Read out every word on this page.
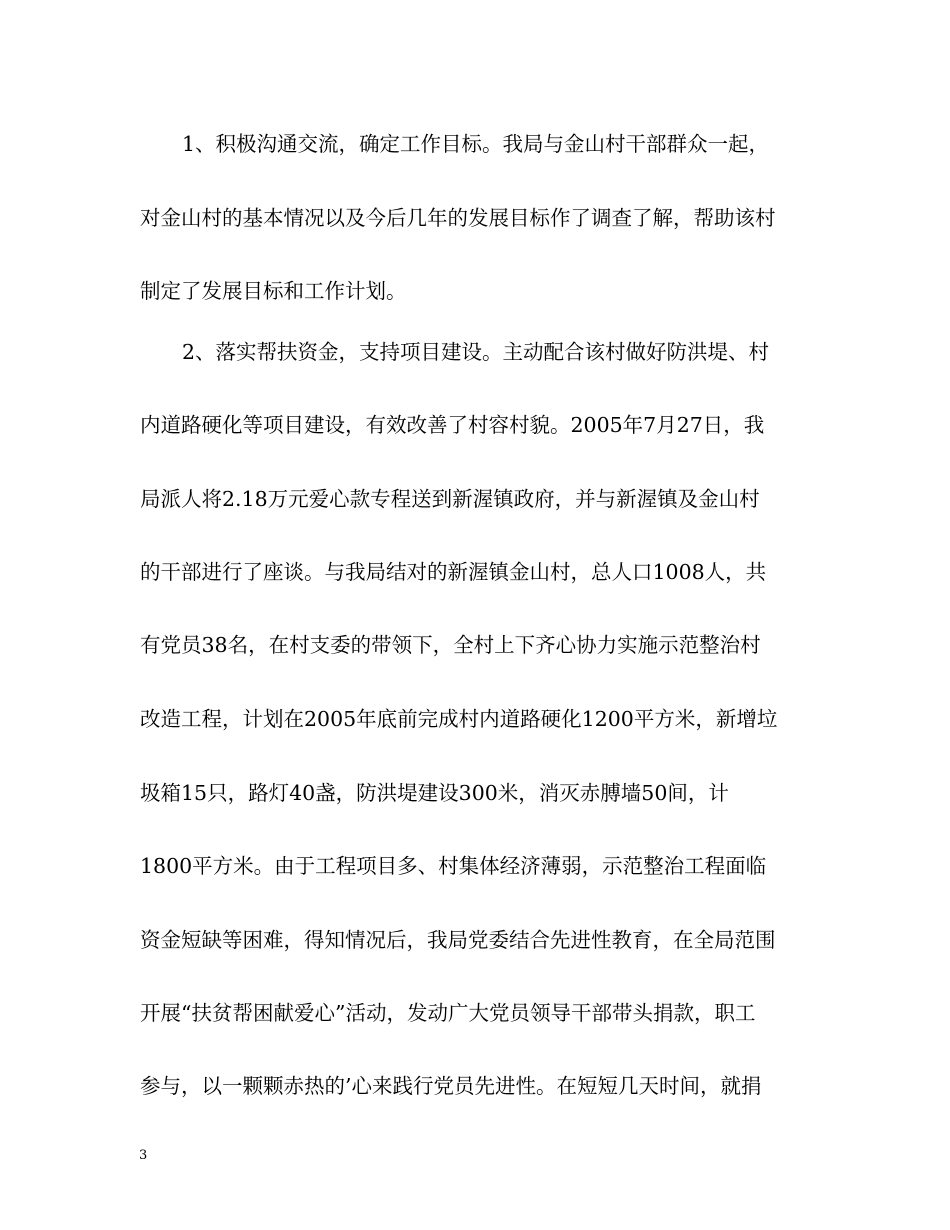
1、积极沟通交流，确定工作目标。我局与金山村干部群众一起，
对金山村的基本情况以及今后几年的发展目标作了调查了解，帮助该村
制定了发展目标和工作计划。
2、落实帮扶资金，支持项目建设。主动配合该村做好防洪堤、村
内道路硬化等项目建设，有效改善了村容村貌。2005年7月27日，我
局派人将2.18万元爱心款专程送到新渥镇政府，并与新渥镇及金山村
的干部进行了座谈。与我局结对的新渥镇金山村，总人口1008人，共
有党员38名，在村支委的带领下，全村上下齐心协力实施示范整治村
改造工程，计划在2005年底前完成村内道路硬化1200平方米，新增垃
圾箱15只，路灯40盏，防洪堤建设300米，消灭赤膊墙50间，计
1800平方米。由于工程项目多、村集体经济薄弱，示范整治工程面临
资金短缺等困难，得知情况后，我局党委结合先进性教育，在全局范围
开展“扶贫帮困献爱心”活动，发动广大党员领导干部带头捐款，职工
参与，以一颗颗赤热的’心来践行党员先进性。在短短几天时间，就捐
3
